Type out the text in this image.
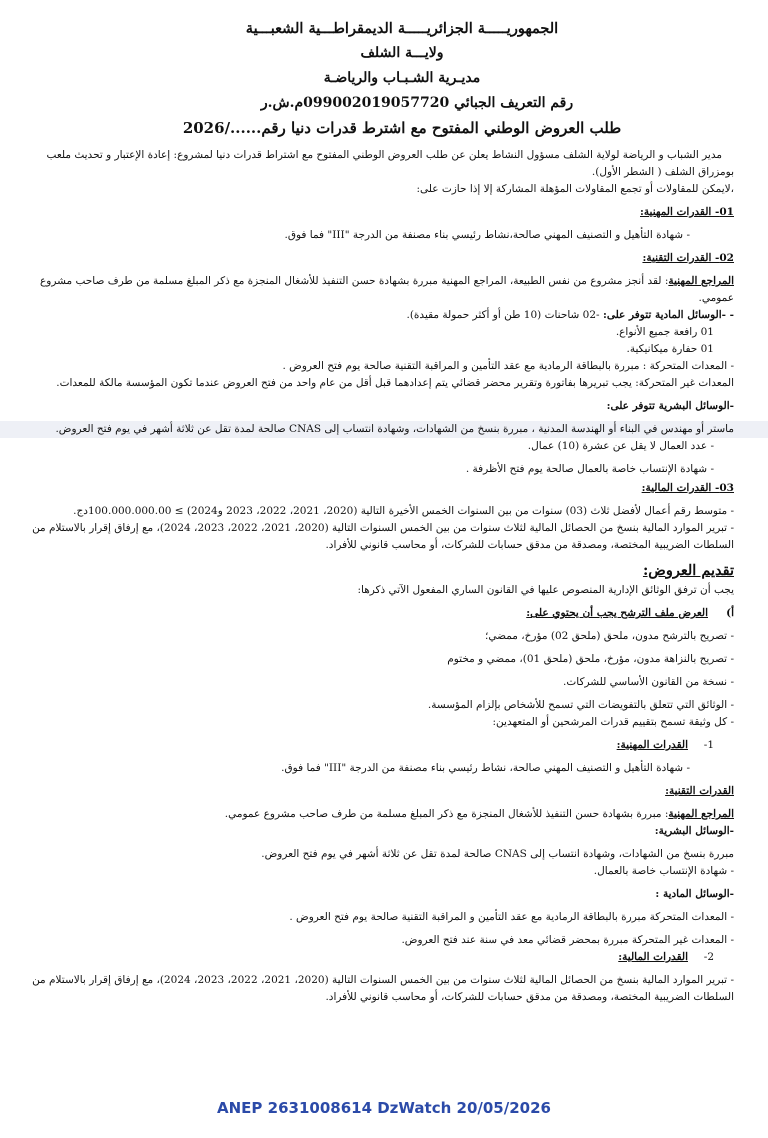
الجمهوريـــــة الجزائريـــــة الديمقراطـــية الشعبـــية
ولايـــة الشلف
مديـرية الشـبـاب والرياضـة
رقم التعريف الجبائي 099002019057720م.ش.ر
طلب العروض الوطني المفتوح مع اشترط قدرات دنيا رقم....../2026

مدير الشباب و الرياضة لولاية الشلف مسؤول النشاط يعلن عن طلب العروض الوطني المفتوح مع اشتراط قدرات دنيا لمشروع: إعادة الإعتبار و تحديث ملعب بومزراق الشلف ( الشطر الأول).

،لايمكن للمقاولات أو تجمع المقاولات المؤهلة المشاركة إلا إذا حازت على:

01- القدرات المهنية:

- شهادة التأهيل و التصنيف المهني صالحة،نشاط رئيسي بناء مصنفة من الدرجة "III" فما فوق.

02- القدرات التقنية:

المراجع المهنية: لقد أنجز مشروع من نفس الطبيعة، المراجع المهنية مبررة بشهادة حسن التنفيذ للأشغال المنجزة مع ذكر المبلغ مسلمة من طرف صاحب مشروع عمومي.

- -الوسائل المادية تتوفر على: -02 شاحنات (10 طن أو أكثر حمولة مقيدة).

01 رافعة جميع الأنواع.

01 حفارة ميكانيكية.

- المعدات المتحركة : مبررة بالبطاقة الرمادية مع عقد التأمين و المراقبة التقنية صالحة يوم فتح العروض .

المعدات غير المتحركة: يجب تبريرها بفاتورة وتقرير محضر قضائي يتم إعدادهما قبل أقل من عام واحد من فتح العروض عندما تكون المؤسسة مالكة للمعدات.

-الوسائل البشرية تتوفر على:

ماستر أو مهندس في البناء أو الهندسة المدنية ، مبررة بنسخ من الشهادات، وشهادة انتساب إلى CNAS صالحة لمدة تقل عن ثلاثة أشهر في يوم فتح العروض.

- عدد العمال لا يقل عن عشرة (10) عمال.

- شهادة الإنتساب خاصة بالعمال صالحة يوم فتح الأظرفة .

03- القدرات المالية:

- متوسط رقم أعمال لأفضل ثلاث (03) سنوات من بين السنوات الخمس الأخيرة التالية (2020، 2021، 2022، 2023 و2024) ≥ 100.000.000.00دج.

- تبرير الموارد المالية بنسخ من الحصائل المالية لثلاث سنوات من بين الخمس السنوات التالية (2020، 2021، 2022، 2023، 2024)، مع إرفاق إقرار بالاستلام من السلطات الضريبية المختصة، ومصدقة من مدقق حسابات للشركات، أو محاسب قانوني للأفراد.

تقديم العروض:

يجب أن ترفق الوثائق الإدارية المنصوص عليها في القانون الساري المفعول الآتي ذكرها:

أ)العرض ملف الترشح يجب أن يحتوي على:

- تصريح بالترشح مدون، ملحق (ملحق 02) مؤرخ، ممضي؛

- تصريح بالنزاهة مدون، مؤرخ، ملحق (ملحق 01)، ممضي و مختوم

- نسخة من القانون الأساسي للشركات.

- الوثائق التي تتعلق بالتفويضات التي تسمح للأشخاص بإلزام المؤسسة.

- كل وثيقة تسمح بتقييم قدرات المرشحين أو المتعهدين:

1-القدرات المهنية:

- شهادة التأهيل و التصنيف المهني صالحة، نشاط رئيسي بناء مصنفة من الدرجة "III" فما فوق.

القدرات التقنية:

المراجع المهنية: مبررة بشهادة حسن التنفيذ للأشغال المنجزة مع ذكر المبلغ مسلمة من طرف صاحب مشروع عمومي.

-الوسائل البشرية:

مبررة بنسخ من الشهادات، وشهادة انتساب إلى CNAS صالحة لمدة تقل عن ثلاثة أشهر في يوم فتح العروض.

- شهادة الإنتساب خاصة بالعمال.

-الوسائل المادية :

- المعدات المتحركة مبررة بالبطاقة الرمادية مع عقد التأمين و المراقبة التقنية صالحة يوم فتح العروض .

- المعدات غير المتحركة مبررة بمحضر قضائي معد في سنة عند فتح العروض.

2-القدرات المالية:

- تبرير الموارد المالية بنسخ من الحصائل المالية لثلاث سنوات من بين الخمس السنوات التالية (2020، 2021، 2022، 2023، 2024)، مع إرفاق إقرار بالاستلام من السلطات الضريبية المختصة، ومصدقة من مدقق حسابات للشركات، أو محاسب قانوني للأفراد.

ANEP 2631008614 DzWatch 20/05/2026
